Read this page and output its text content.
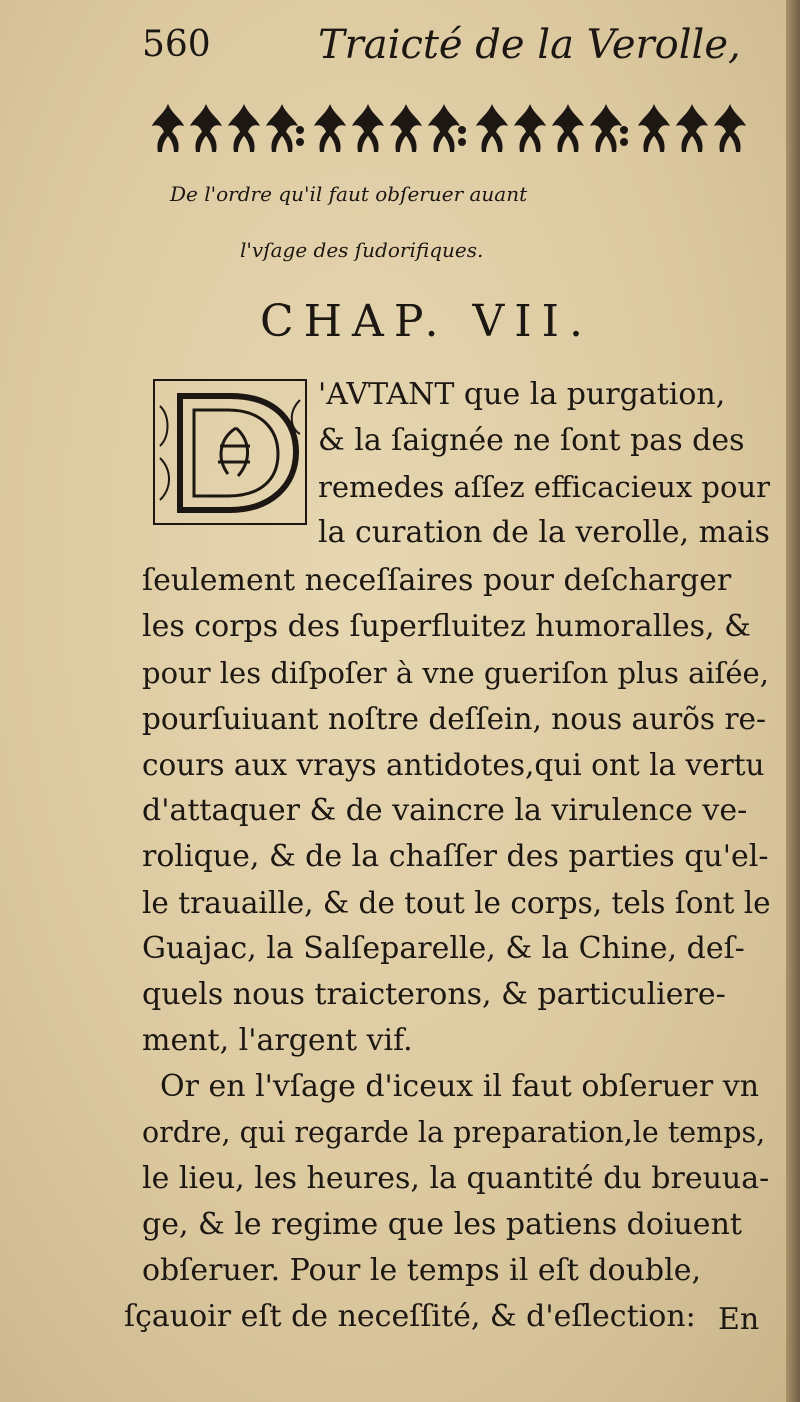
560	Traicté de la Verolle,
De l'ordre qu'il faut obſeruer auant
l'vſage des ſudorifiques.
CHAP. VII.
'AVTANT que la purgation,
& la ſaignée ne ſont pas des
remedes aſſez efficacieux pour
la curation de la verolle, mais
ſeulement neceſſaires pour deſcharger
les corps des ſuperfluitez humoralles, &
pour les diſpoſer à vne gueriſon plus aiſée,
pourſuiuant noſtre deſſein, nous aurõs re-
cours aux vrays antidotes,qui ont la vertu
d'attaquer & de vaincre la virulence ve-
rolique, & de la chaſſer des parties qu'el-
le trauaille, & de tout le corps, tels ſont le
Guajac, la Salſeparelle, & la Chine, deſ-
quels nous traicterons, & particuliere-
ment, l'argent vif.
Or en l'vſage d'iceux il faut obſeruer vn
ordre, qui regarde la preparation,le temps,
le lieu, les heures, la quantité du breuua-
ge, & le regime que les patiens doiuent
obſeruer. Pour le temps il eſt double,
ſçauoir eſt de neceſſité, & d'eſlection: En
